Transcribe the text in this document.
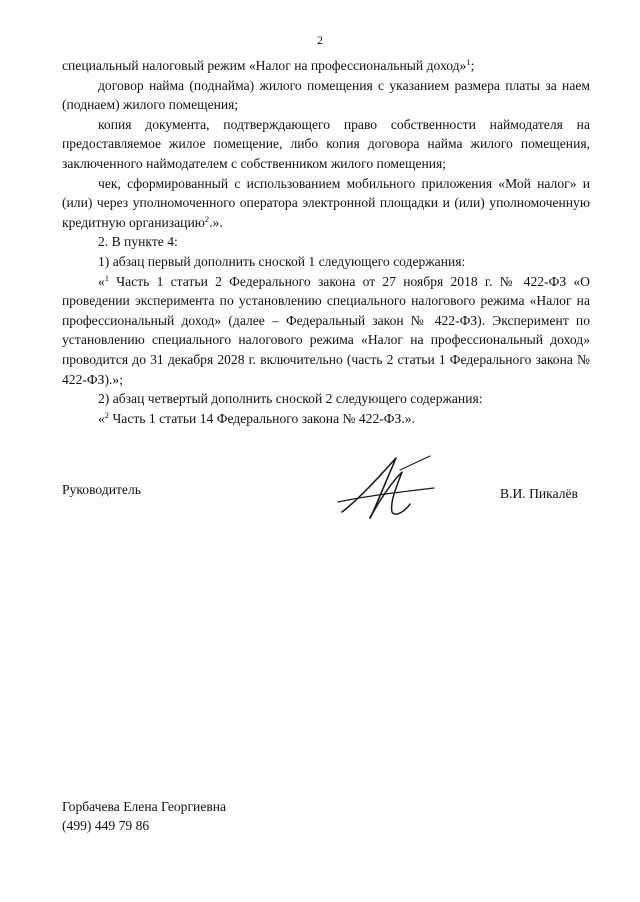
2

специальный налоговый режим «Налог на профессиональный доход»$^1$;

договор найма (поднайма) жилого помещения с указанием размера платы за наем (поднаем) жилого помещения;

копия документа, подтверждающего право собственности наймодателя на предоставляемое жилое помещение, либо копия договора найма жилого помещения, заключенного наймодателем с собственником жилого помещения;

чек, сформированный с использованием мобильного приложения «Мой налог» и (или) через уполномоченного оператора электронной площадки и (или) уполномоченную кредитную организацию$^2$.».

2. В пункте 4:

1) абзац первый дополнить сноской 1 следующего содержания:

«$^1$ Часть 1 статьи 2 Федерального закона от 27 ноября 2018 г. № 422-ФЗ «О проведении эксперимента по установлению специального налогового режима «Налог на профессиональный доход» (далее – Федеральный закон № 422-ФЗ). Эксперимент по установлению специального налогового режима «Налог на профессиональный доход» проводится до 31 декабря 2028 г. включительно (часть 2 статьи 1 Федерального закона № 422-ФЗ).»;

2) абзац четвертый дополнить сноской 2 следующего содержания:

«$^2$ Часть 1 статьи 14 Федерального закона № 422-ФЗ.».

Руководитель	В.И. Пикалёв
Горбачева Елена Георгиевна
(499) 449 79 86
